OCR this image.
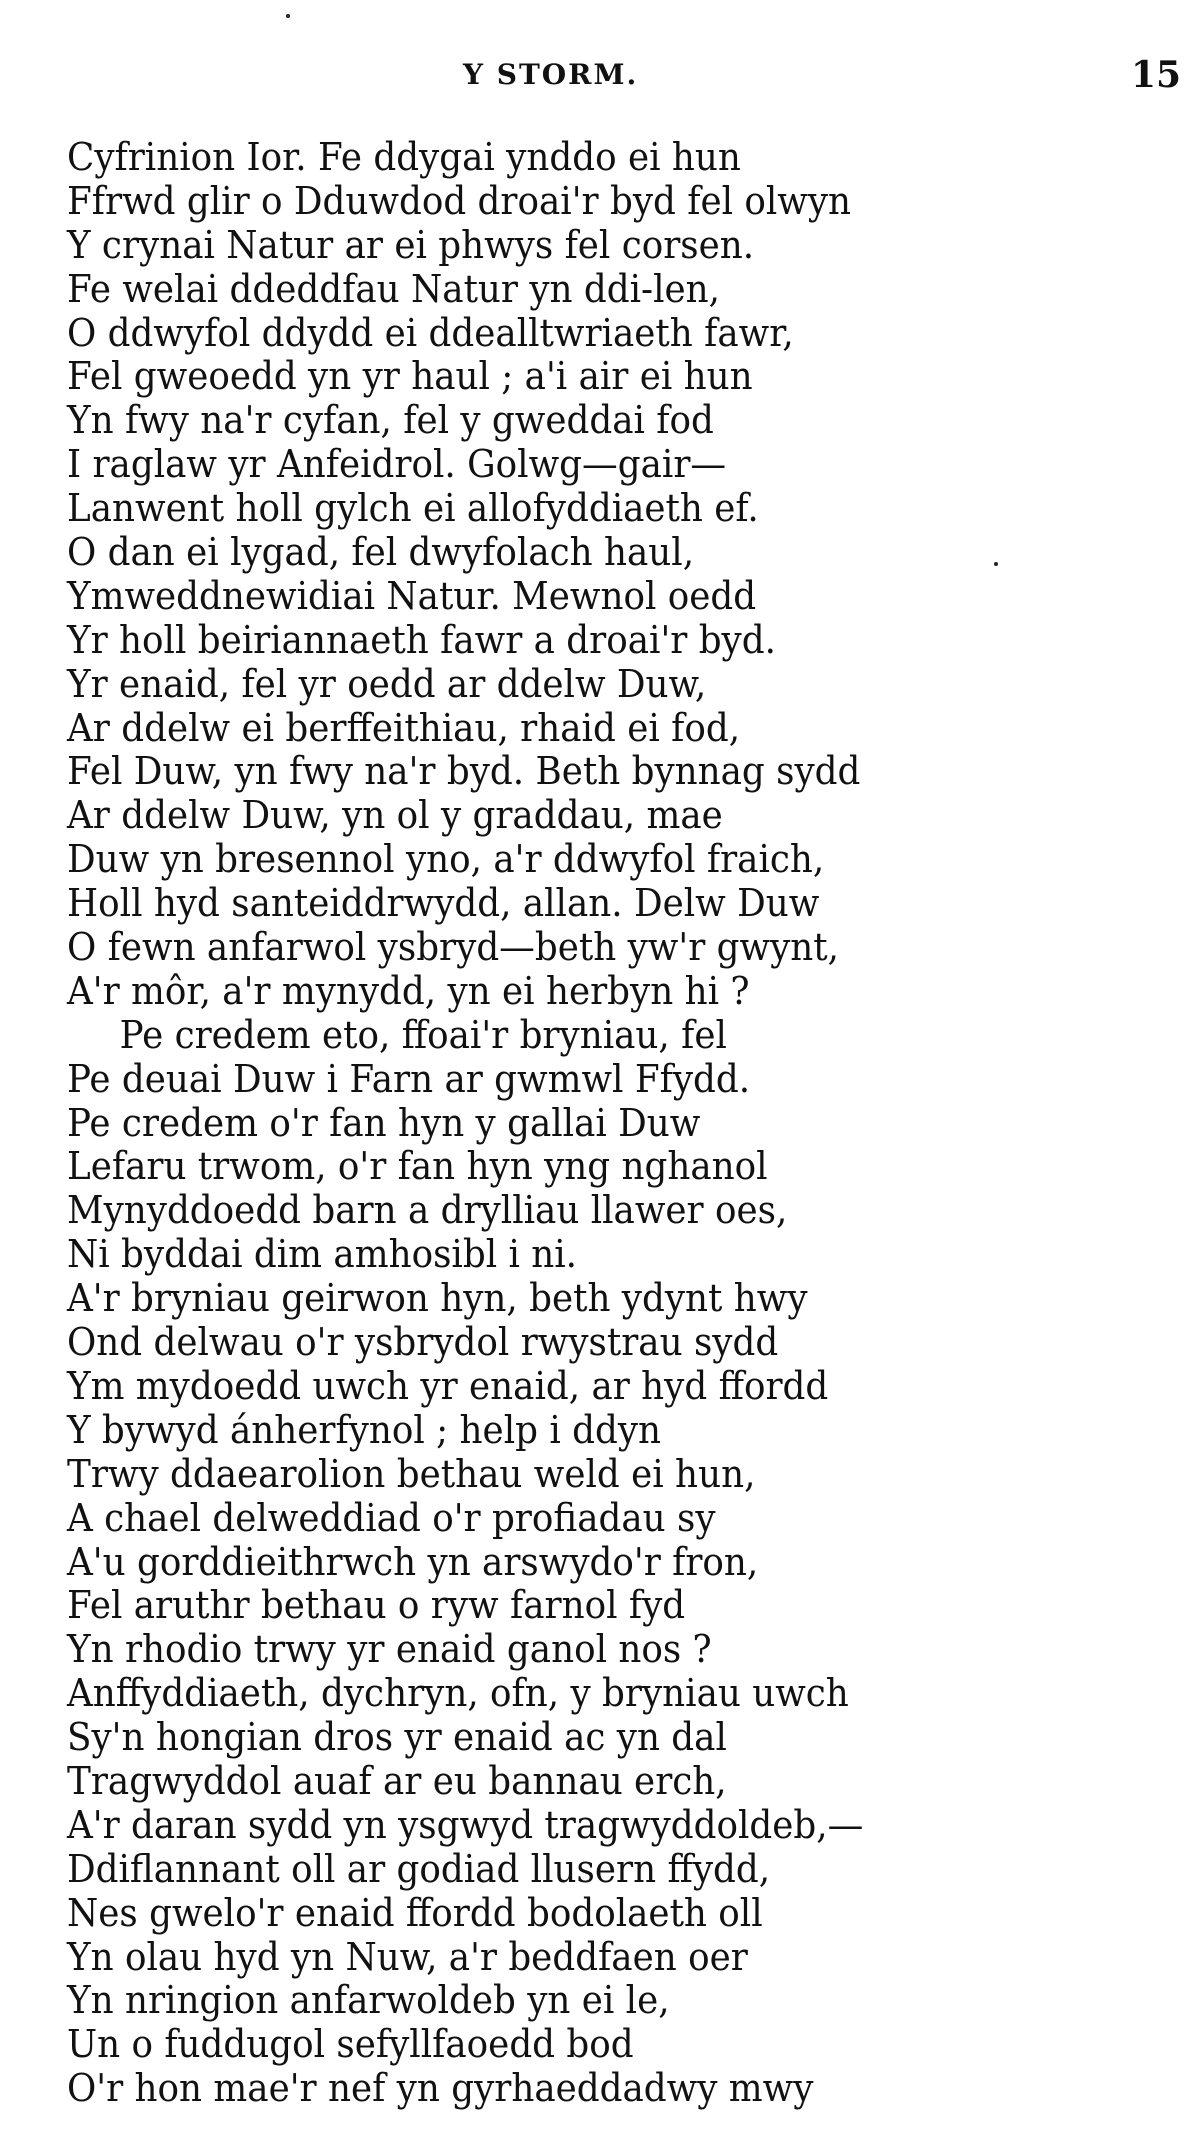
Y STORM.	15
Cyfrinion Ior. Fe ddygai ynddo ei hun
Ffrwd glir o Dduwdod droai'r byd fel olwyn
Y crynai Natur ar ei phwys fel corsen.
Fe welai ddeddfau Natur yn ddi-len,
O ddwyfol ddydd ei ddealltwriaeth fawr,
Fel gweoedd yn yr haul ; a'i air ei hun
Yn fwy na'r cyfan, fel y gweddai fod
I raglaw yr Anfeidrol. Golwg—gair—
Lanwent holl gylch ei allofyddiaeth ef.
O dan ei lygad, fel dwyfolach haul,
Ymweddnewidiai Natur. Mewnol oedd
Yr holl beiriannaeth fawr a droai'r byd.
Yr enaid, fel yr oedd ar ddelw Duw,
Ar ddelw ei berffeithiau, rhaid ei fod,
Fel Duw, yn fwy na'r byd. Beth bynnag sydd
Ar ddelw Duw, yn ol y graddau, mae
Duw yn bresennol yno, a'r ddwyfol fraich,
Holl hyd santeiddrwydd, allan. Delw Duw
O fewn anfarwol ysbryd—beth yw'r gwynt,
A'r môr, a'r mynydd, yn ei herbyn hi ?
Pe credem eto, ffoai'r bryniau, fel
Pe deuai Duw i Farn ar gwmwl Ffydd.
Pe credem o'r fan hyn y gallai Duw
Lefaru trwom, o'r fan hyn yng nghanol
Mynyddoedd barn a drylliau llawer oes,
Ni byddai dim amhosibl i ni.
A'r bryniau geirwon hyn, beth ydynt hwy
Ond delwau o'r ysbrydol rwystrau sydd
Ym mydoedd uwch yr enaid, ar hyd ffordd
Y bywyd ánherfynol ; help i ddyn
Trwy ddaearolion bethau weld ei hun,
A chael delweddiad o'r profiadau sy
A'u gorddieithrwch yn arswydo'r fron,
Fel aruthr bethau o ryw farnol fyd
Yn rhodio trwy yr enaid ganol nos ?
Anffyddiaeth, dychryn, ofn, y bryniau uwch
Sy'n hongian dros yr enaid ac yn dal
Tragwyddol auaf ar eu bannau erch,
A'r daran sydd yn ysgwyd tragwyddoldeb,—
Ddiflannant oll ar godiad llusern ffydd,
Nes gwelo'r enaid ffordd bodolaeth oll
Yn olau hyd yn Nuw, a'r beddfaen oer
Yn nringion anfarwoldeb yn ei le,
Un o fuddugol sefyllfaoedd bod
O'r hon mae'r nef yn gyrhaeddadwy mwy
